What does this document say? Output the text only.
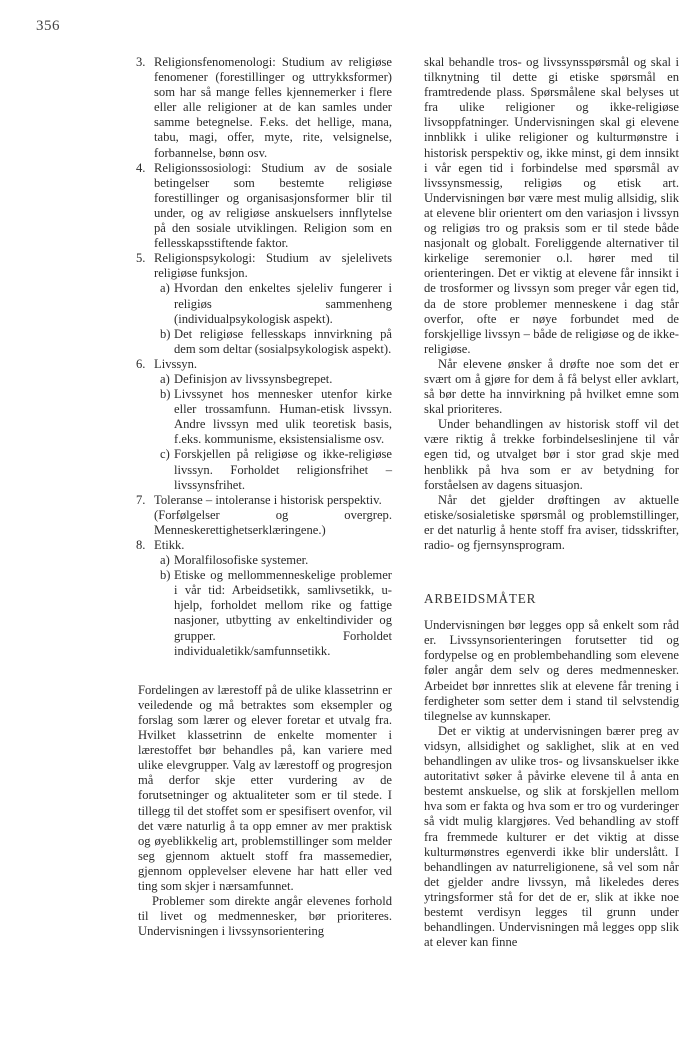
356
3. Religionsfenomenologi: Studium av religiøse fenomener (forestillinger og uttrykksformer) som har så mange felles kjennemerker i flere eller alle religioner at de kan samles under samme betegnelse. F.eks. det hellige, mana, tabu, magi, offer, myte, rite, velsignelse, forbannelse, bønn osv.
4. Religionssosiologi: Studium av de sosiale betingelser som bestemte religiøse forestillinger og organisasjonsformer blir til under, og av religiøse anskuelsers innflytelse på den sosiale utviklingen. Religion som en fellesskapsstiftende faktor.
5. Religionspsykologi: Studium av sjelelivets religiøse funksjon.
a) Hvordan den enkeltes sjeleliv fungerer i religiøs sammenheng (individualpsykologisk aspekt).
b) Det religiøse fellesskaps innvirkning på dem som deltar (sosialpsykologisk aspekt).
6. Livssyn.
a) Definisjon av livssynsbegrepet.
b) Livssynet hos mennesker utenfor kirke eller trossamfunn. Human-etisk livssyn. Andre livssyn med ulik teoretisk basis, f.eks. kommunisme, eksistensialisme osv.
c) Forskjellen på religiøse og ikke-religiøse livssyn. Forholdet religionsfrihet – livssynsfrihet.
7. Toleranse – intoleranse i historisk perspektiv.
(Forfølgelser og overgrep. Menneskerettighetserklæringene.)
8. Etikk.
a) Moralfilosofiske systemer.
b) Etiske og mellommenneskelige problemer i vår tid: Arbeidsetikk, samlivsetikk, u-hjelp, forholdet mellom rike og fattige nasjoner, utbytting av enkeltindivider og grupper. Forholdet individualetikk/samfunnsetikk.

Fordelingen av lærestoff på de ulike klassetrinn er veiledende og må betraktes som eksempler og forslag som lærer og elever foretar et utvalg fra. Hvilket klassetrinn de enkelte momenter i lærestoffet bør behandles på, kan variere med ulike elevgrupper. Valg av lærestoff og progresjon må derfor skje etter vurdering av de forutsetninger og aktualiteter som er til stede. I tillegg til det stoffet som er spesifisert ovenfor, vil det være naturlig å ta opp emner av mer praktisk og øyeblikkelig art, problemstillinger som melder seg gjennom aktuelt stoff fra massemedier, gjennom opplevelser elevene har hatt eller ved ting som skjer i nærsamfunnet.

Problemer som direkte angår elevenes forhold til livet og medmennesker, bør prioriteres. Undervisningen i livssynsorientering

skal behandle tros- og livssynsspørsmål og skal i tilknytning til dette gi etiske spørsmål en framtredende plass. Spørsmålene skal belyses ut fra ulike religioner og ikke-religiøse livsoppfatninger. Undervisningen skal gi elevene innblikk i ulike religioner og kulturmønstre i historisk perspektiv og, ikke minst, gi dem innsikt i vår egen tid i forbindelse med spørsmål av livssynsmessig, religiøs og etisk art. Undervisningen bør være mest mulig allsidig, slik at elevene blir orientert om den variasjon i livssyn og religiøs tro og praksis som er til stede både nasjonalt og globalt. Foreliggende alternativer til kirkelige seremonier o.l. hører med til orienteringen. Det er viktig at elevene får innsikt i de trosformer og livssyn som preger vår egen tid, da de store problemer menneskene i dag står overfor, ofte er nøye forbundet med de forskjellige livssyn – både de religiøse og de ikke-religiøse.

Når elevene ønsker å drøfte noe som det er svært om å gjøre for dem å få belyst eller avklart, så bør dette ha innvirkning på hvilket emne som skal prioriteres.

Under behandlingen av historisk stoff vil det være riktig å trekke forbindelseslinjene til vår egen tid, og utvalget bør i stor grad skje med henblikk på hva som er av betydning for forståelsen av dagens situasjon.

Når det gjelder drøftingen av aktuelle etiske/sosialetiske spørsmål og problemstillinger, er det naturlig å hente stoff fra aviser, tidsskrifter, radio- og fjernsynsprogram.

ARBEIDSMÅTER

Undervisningen bør legges opp så enkelt som råd er. Livssynsorienteringen forutsetter tid og fordypelse og en problembehandling som elevene føler angår dem selv og deres medmennesker. Arbeidet bør innrettes slik at elevene får trening i ferdigheter som setter dem i stand til selvstendig tilegnelse av kunnskaper.

Det er viktig at undervisningen bærer preg av vidsyn, allsidighet og saklighet, slik at en ved behandlingen av ulike tros- og livsanskuelser ikke autoritativt søker å påvirke elevene til å anta en bestemt anskuelse, og slik at forskjellen mellom hva som er fakta og hva som er tro og vurderinger så vidt mulig klargjøres. Ved behandling av stoff fra fremmede kulturer er det viktig at disse kulturmønstres egenverdi ikke blir underslått. I behandlingen av naturreligionene, så vel som når det gjelder andre livssyn, må likeledes deres ytringsformer stå for det de er, slik at ikke noe bestemt verdisyn legges til grunn under behandlingen. Undervisningen må legges opp slik at elever kan finne
